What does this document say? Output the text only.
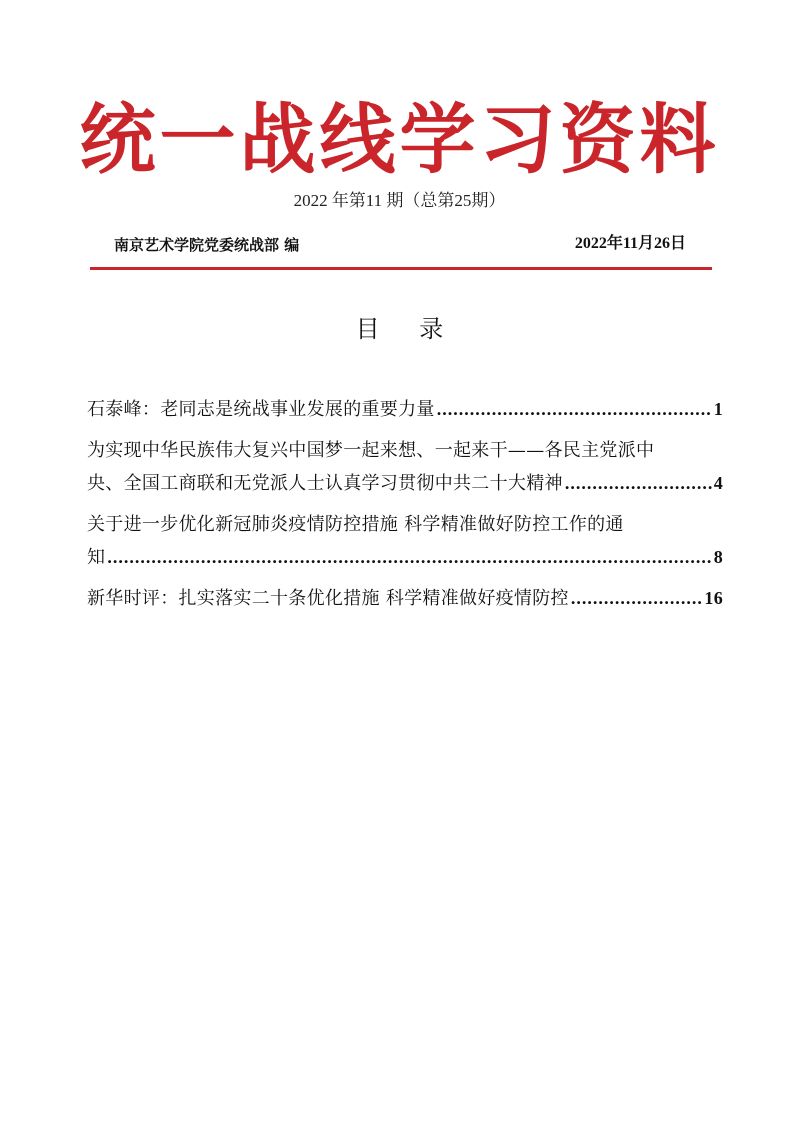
统一战线学习资料
2022 年第11 期（总第25期）
南京艺术学院党委统战部 编	2022年11月26日
目 录
石泰峰：老同志是统战事业发展的重要力量 .....	1
为实现中华民族伟大复兴中国梦一起来想、一起来干——各民主党派中
央、全国工商联和无党派人士认真学习贯彻中共二十大精神 .....	4
关于进一步优化新冠肺炎疫情防控措施 科学精准做好防控工作的通
知 .....	8
新华时评：扎实落实二十条优化措施 科学精准做好疫情防控 .....	16
